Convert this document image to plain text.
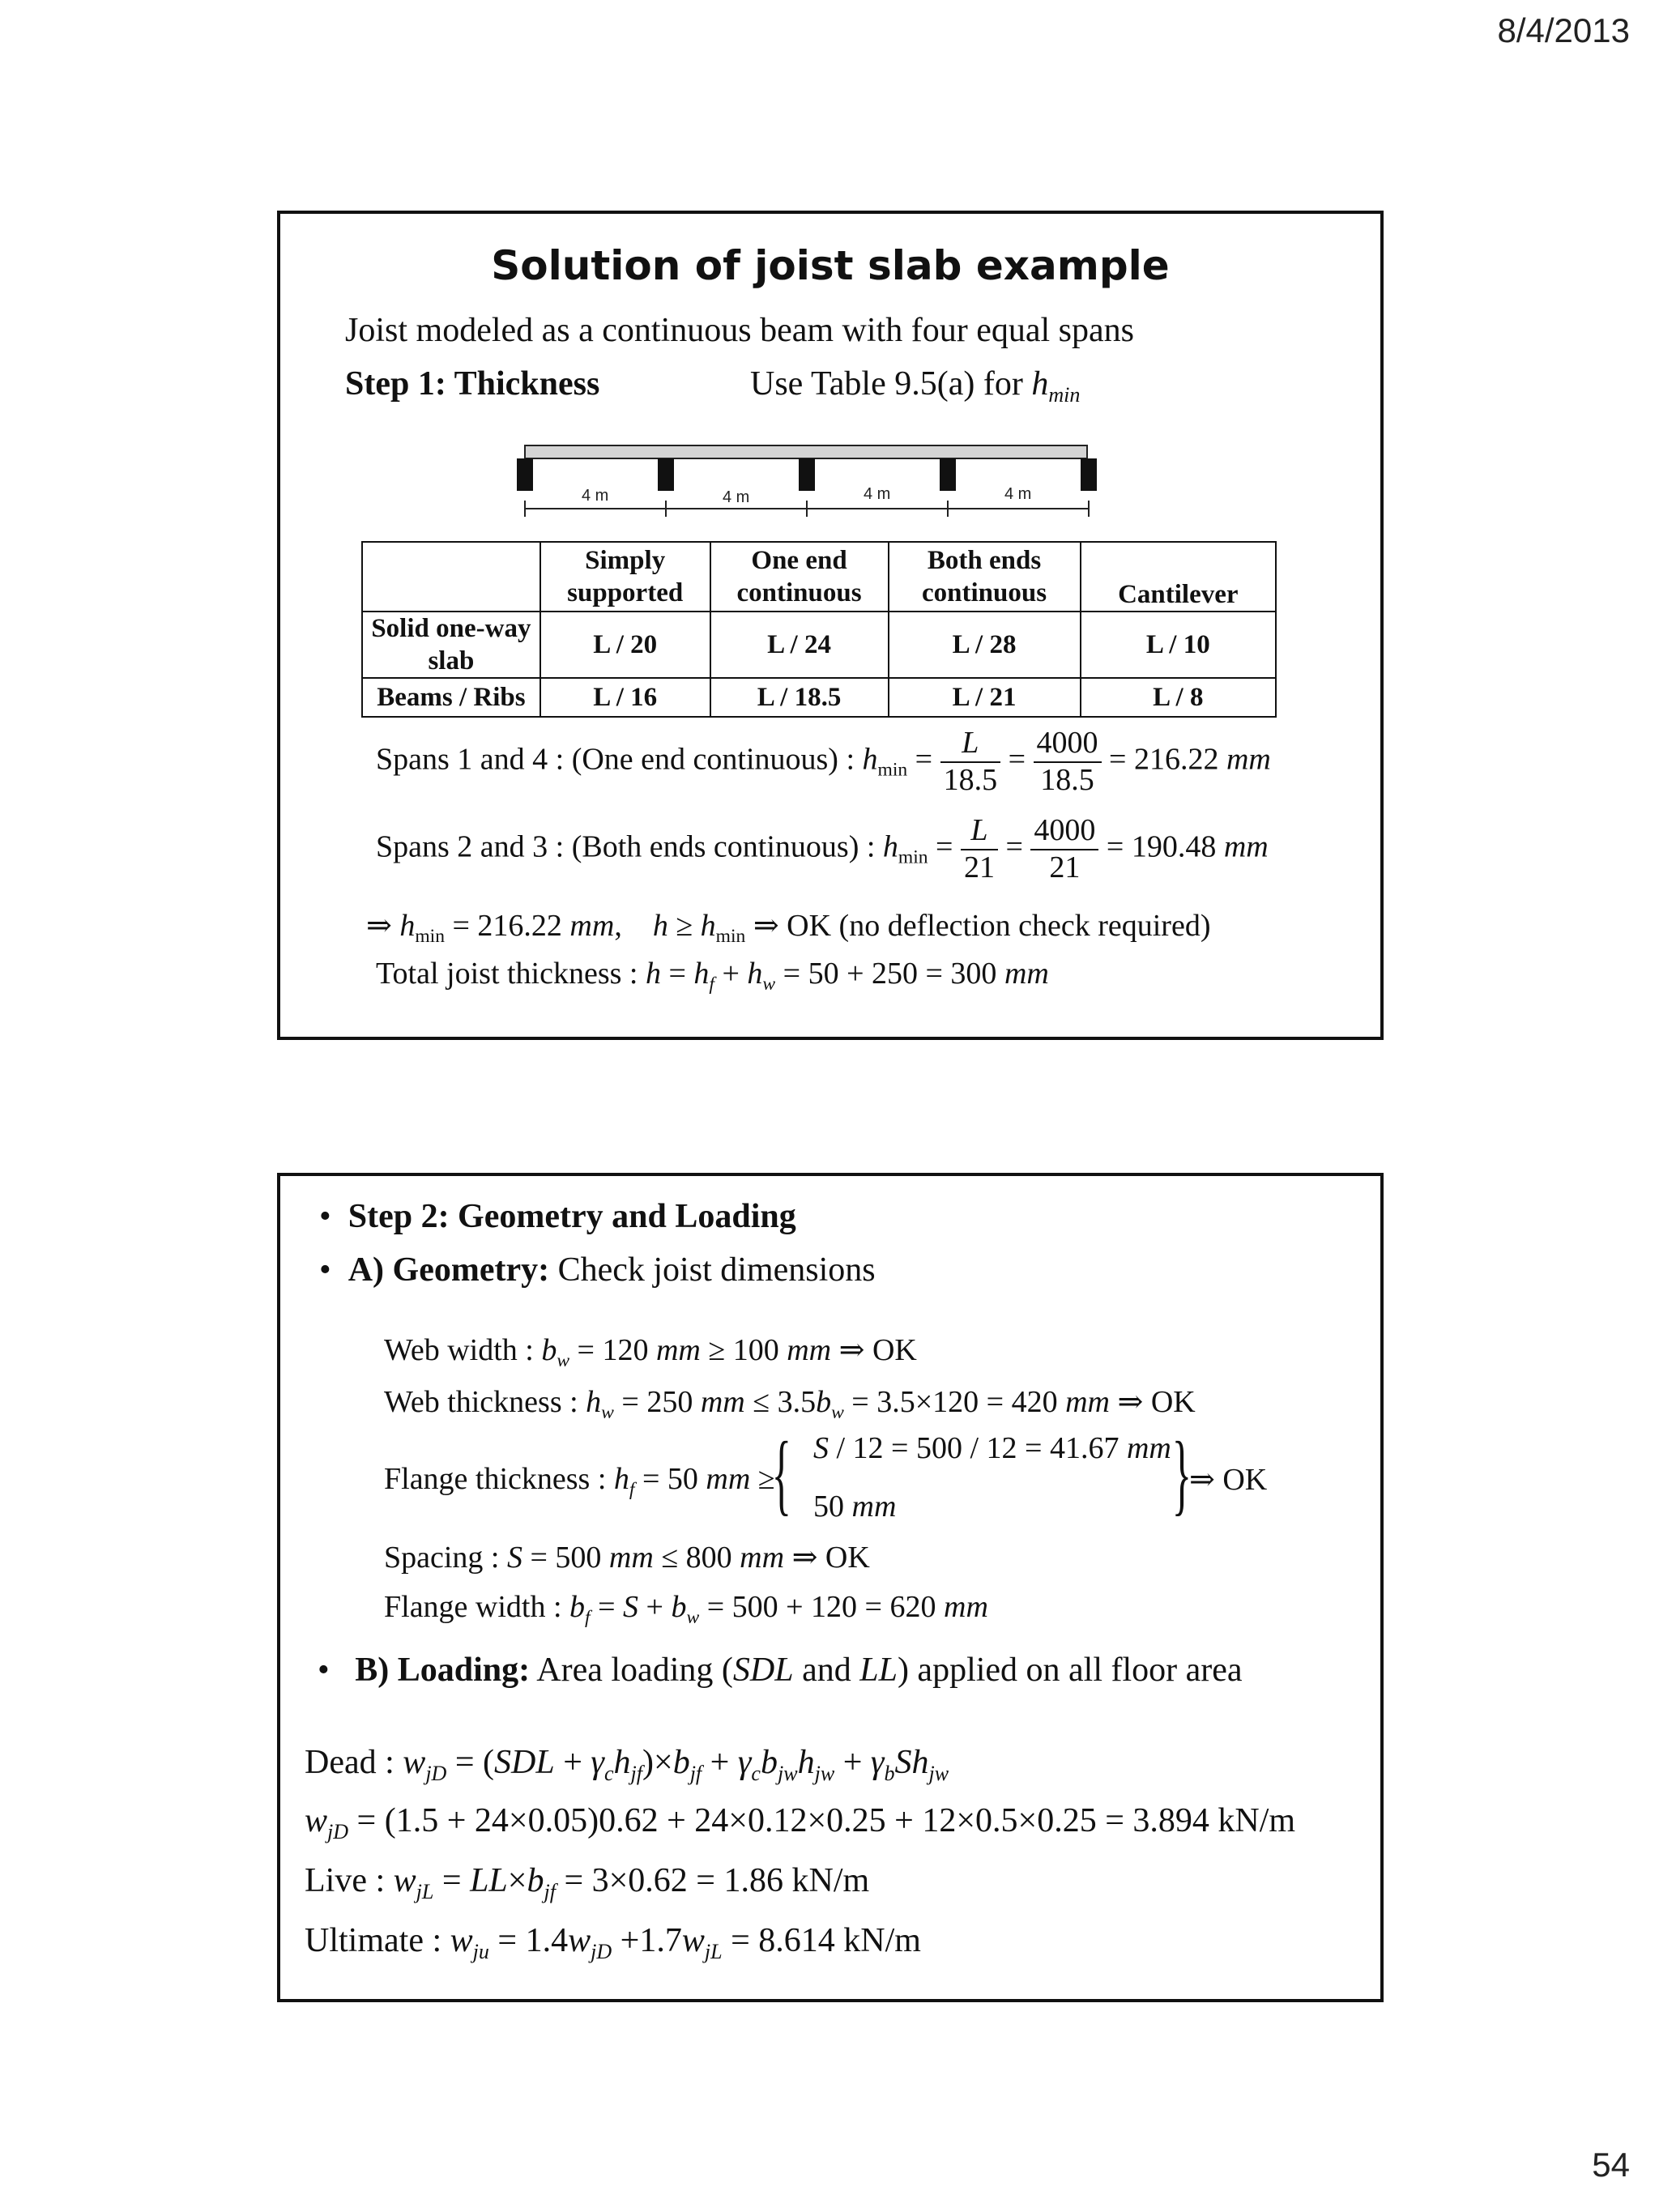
8/4/2013
Solution of joist slab example
Joist modeled as a continuous beam with four equal spans
Step 1: Thickness	Use Table 9.5(a) for $h_{min}$
4 m	4 m	4 m	4 m
	Simply supported	One end continuous	Both ends continuous	Cantilever
Solid one-way slab	L / 20	L / 24	L / 28	L / 10
Beams / Ribs	L / 16	L / 18.5	L / 21	L / 8
Spans 1 and 4 : (One end continuous) : $h_{min} = \frac{L}{18.5} = \frac{4000}{18.5} = 216.22$ mm
Spans 2 and 3 : (Both ends continuous) : $h_{min} = \frac{L}{21} = \frac{4000}{21} = 190.48$ mm
⇒ $h_{min} = 216.22$ mm,    $h \ge h_{min}$ ⇒ OK (no deflection check required)
Total joist thickness : $h = h_f + h_w = 50 + 250 = 300$ mm
•  Step 2: Geometry and Loading
•  A) Geometry: Check joist dimensions
Web width : $b_w = 120$ mm ≥ 100 mm ⇒ OK
Web thickness : $h_w = 250$ mm ≤ $3.5b_w = 3.5\times 120 = 420$ mm ⇒ OK
Flange thickness : $h_f = 50$ mm ≥
{ S / 12 = 500 / 12 = 41.67 mm
50 mm	}
⇒ OK
Spacing : S = 500 mm ≤ 800 mm ⇒ OK
Flange width : $b_f = S + b_w = 500 + 120 = 620$ mm
•   B) Loading: Area loading (SDL and LL) applied on all floor area
Dead : $w_{jD} = (SDL + \gamma_ch_{jf})\times b_{jf} + \gamma_cb_{jw}h_{jw} + \gamma_bSh_{jw}$
$w_{jD} = (1.5 + 24\times 0.05)0.62 + 24\times 0.12\times 0.25 + 12\times 0.5\times 0.25 = 3.894$ kN/m
Live : $w_{jL} = LL\times b_{jf} = 3\times 0.62 = 1.86$ kN/m
Ultimate : $w_{ju} = 1.4w_{jD} +1.7w_{jL} = 8.614$ kN/m
54
